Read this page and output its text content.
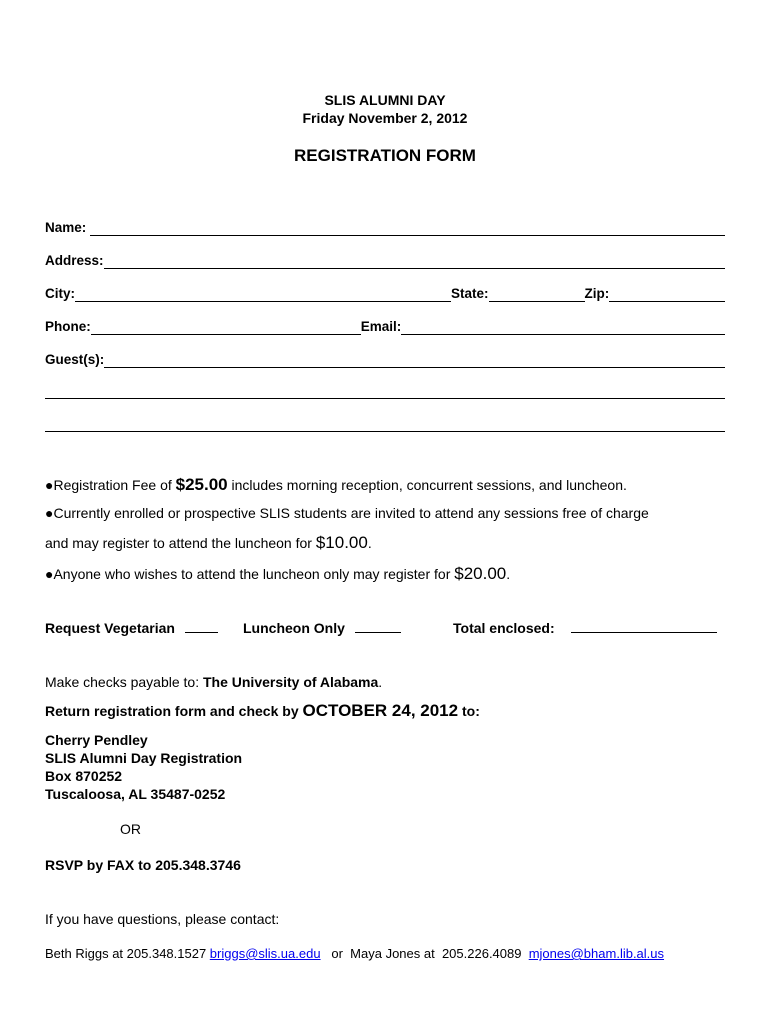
SLIS ALUMNI DAY
Friday November 2, 2012
REGISTRATION FORM
Name:
Address:
City:	State:	Zip:
Phone:	Email:
Guest(s):
●Registration Fee of $25.00 includes morning reception, concurrent sessions, and luncheon.
●Currently enrolled or prospective SLIS students are invited to attend any sessions free of charge
and may register to attend the luncheon for $10.00.
●Anyone who wishes to attend the luncheon only may register for $20.00.
Request Vegetarian	Luncheon Only	Total enclosed:
Make checks payable to: The University of Alabama.
Return registration form and check by OCTOBER 24, 2012 to:
Cherry Pendley
SLIS Alumni Day Registration
Box 870252
Tuscaloosa, AL 35487-0252
OR
RSVP by FAX to 205.348.3746
If you have questions, please contact:
Beth Riggs at 205.348.1527 briggs@slis.ua.edu   or  Maya Jones at  205.226.4089  mjones@bham.lib.al.us
